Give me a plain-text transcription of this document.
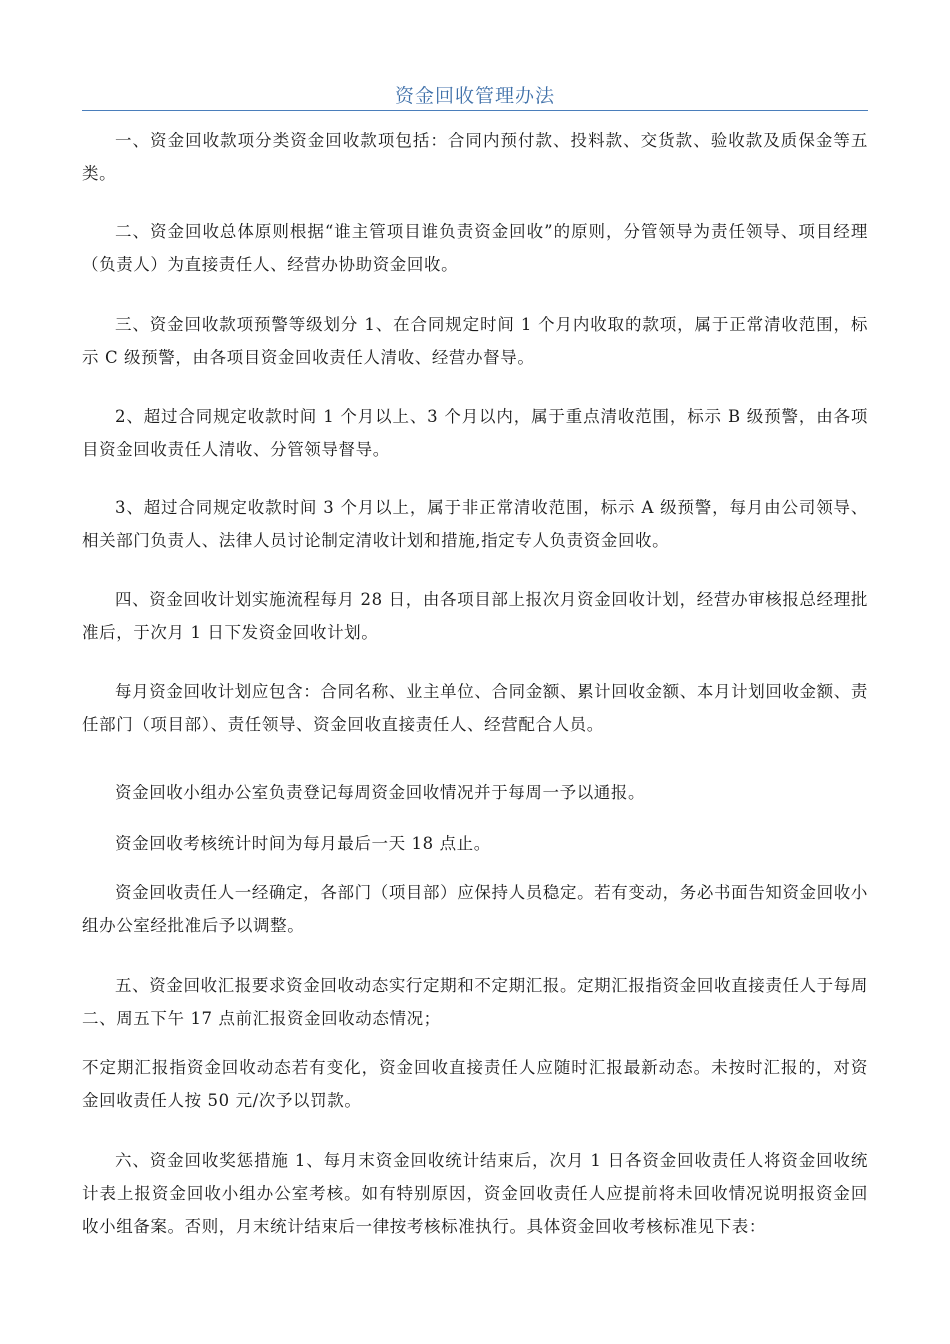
资金回收管理办法

一、资金回收款项分类资金回收款项包括：合同内预付款、投料款、交货款、验收款及质保金等五类。

二、资金回收总体原则根据“谁主管项目谁负责资金回收”的原则，分管领导为责任领导、项目经理（负责人）为直接责任人、经营办协助资金回收。

三、资金回收款项预警等级划分 1、在合同规定时间 1 个月内收取的款项，属于正常清收范围，标示 C 级预警，由各项目资金回收责任人清收、经营办督导。

2、超过合同规定收款时间 1 个月以上、3 个月以内，属于重点清收范围，标示 B 级预警，由各项目资金回收责任人清收、分管领导督导。

3、超过合同规定收款时间 3 个月以上，属于非正常清收范围，标示 A 级预警，每月由公司领导、相关部门负责人、法律人员讨论制定清收计划和措施,指定专人负责资金回收。

四、资金回收计划实施流程每月 28 日，由各项目部上报次月资金回收计划，经营办审核报总经理批准后，于次月 1 日下发资金回收计划。

每月资金回收计划应包含：合同名称、业主单位、合同金额、累计回收金额、本月计划回收金额、责任部门（项目部）、责任领导、资金回收直接责任人、经营配合人员。

资金回收小组办公室负责登记每周资金回收情况并于每周一予以通报。

资金回收考核统计时间为每月最后一天 18 点止。

资金回收责任人一经确定，各部门（项目部）应保持人员稳定。若有变动，务必书面告知资金回收小组办公室经批准后予以调整。

五、资金回收汇报要求资金回收动态实行定期和不定期汇报。定期汇报指资金回收直接责任人于每周二、周五下午 17 点前汇报资金回收动态情况；

不定期汇报指资金回收动态若有变化，资金回收直接责任人应随时汇报最新动态。未按时汇报的，对资金回收责任人按 50 元/次予以罚款。

六、资金回收奖惩措施 1、每月末资金回收统计结束后，次月 1 日各资金回收责任人将资金回收统计表上报资金回收小组办公室考核。如有特别原因，资金回收责任人应提前将未回收情况说明报资金回收小组备案。否则，月末统计结束后一律按考核标准执行。具体资金回收考核标准见下表：
